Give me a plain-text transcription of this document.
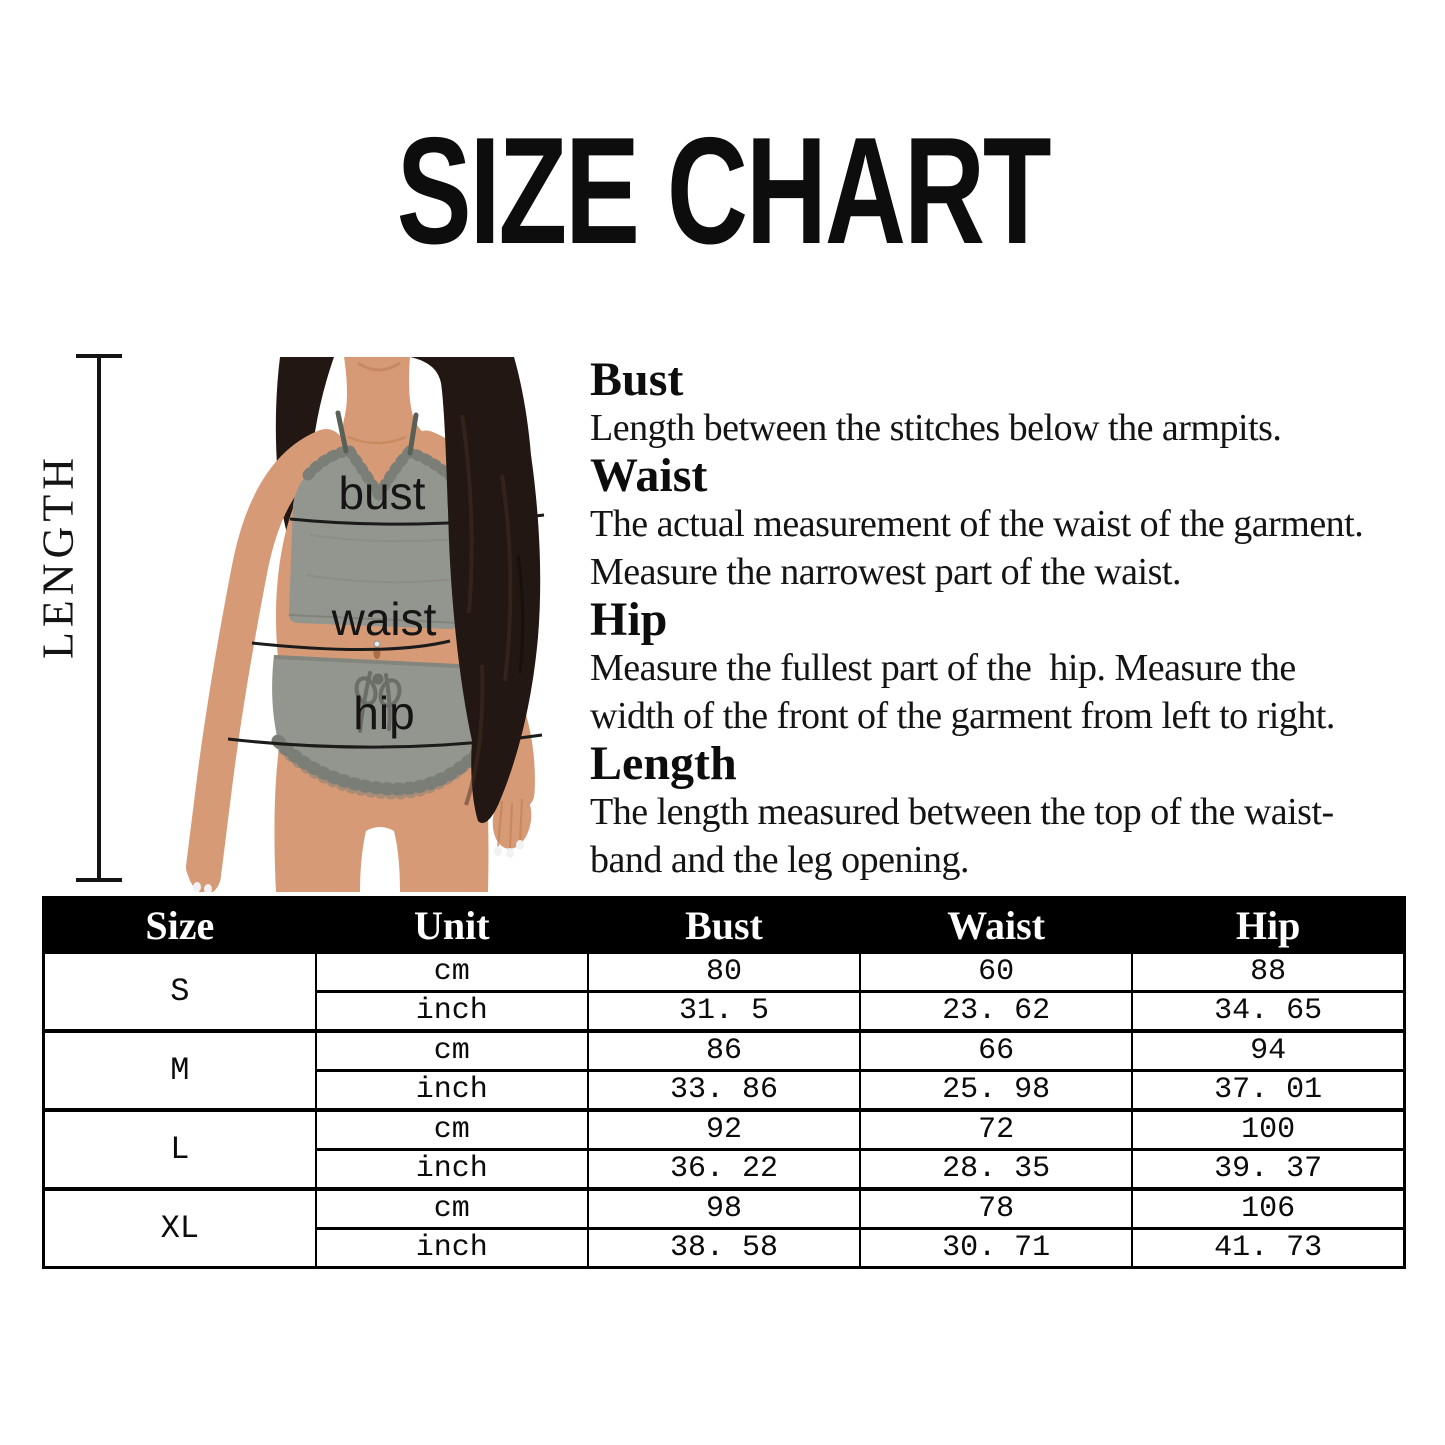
SIZE CHART
LENGTH	bust
waist
hip
Bust

Length between the stitches below the armpits.

Waist

The actual measurement of the waist of the garment.

Measure the narrowest part of the waist.

Hip

Measure the fullest part of the  hip. Measure the

width of the front of the garment from left to right.

Length

The length measured between the top of the waist-

band and the leg opening.

Size	Unit	Bust	Waist	Hip
S	cm	80	60	88
	inch	31. 5	23. 62	34. 65
M	cm	86	66	94
	inch	33. 86	25. 98	37. 01
L	cm	92	72	100
	inch	36. 22	28. 35	39. 37
XL	cm	98	78	106
	inch	38. 58	30. 71	41. 73
